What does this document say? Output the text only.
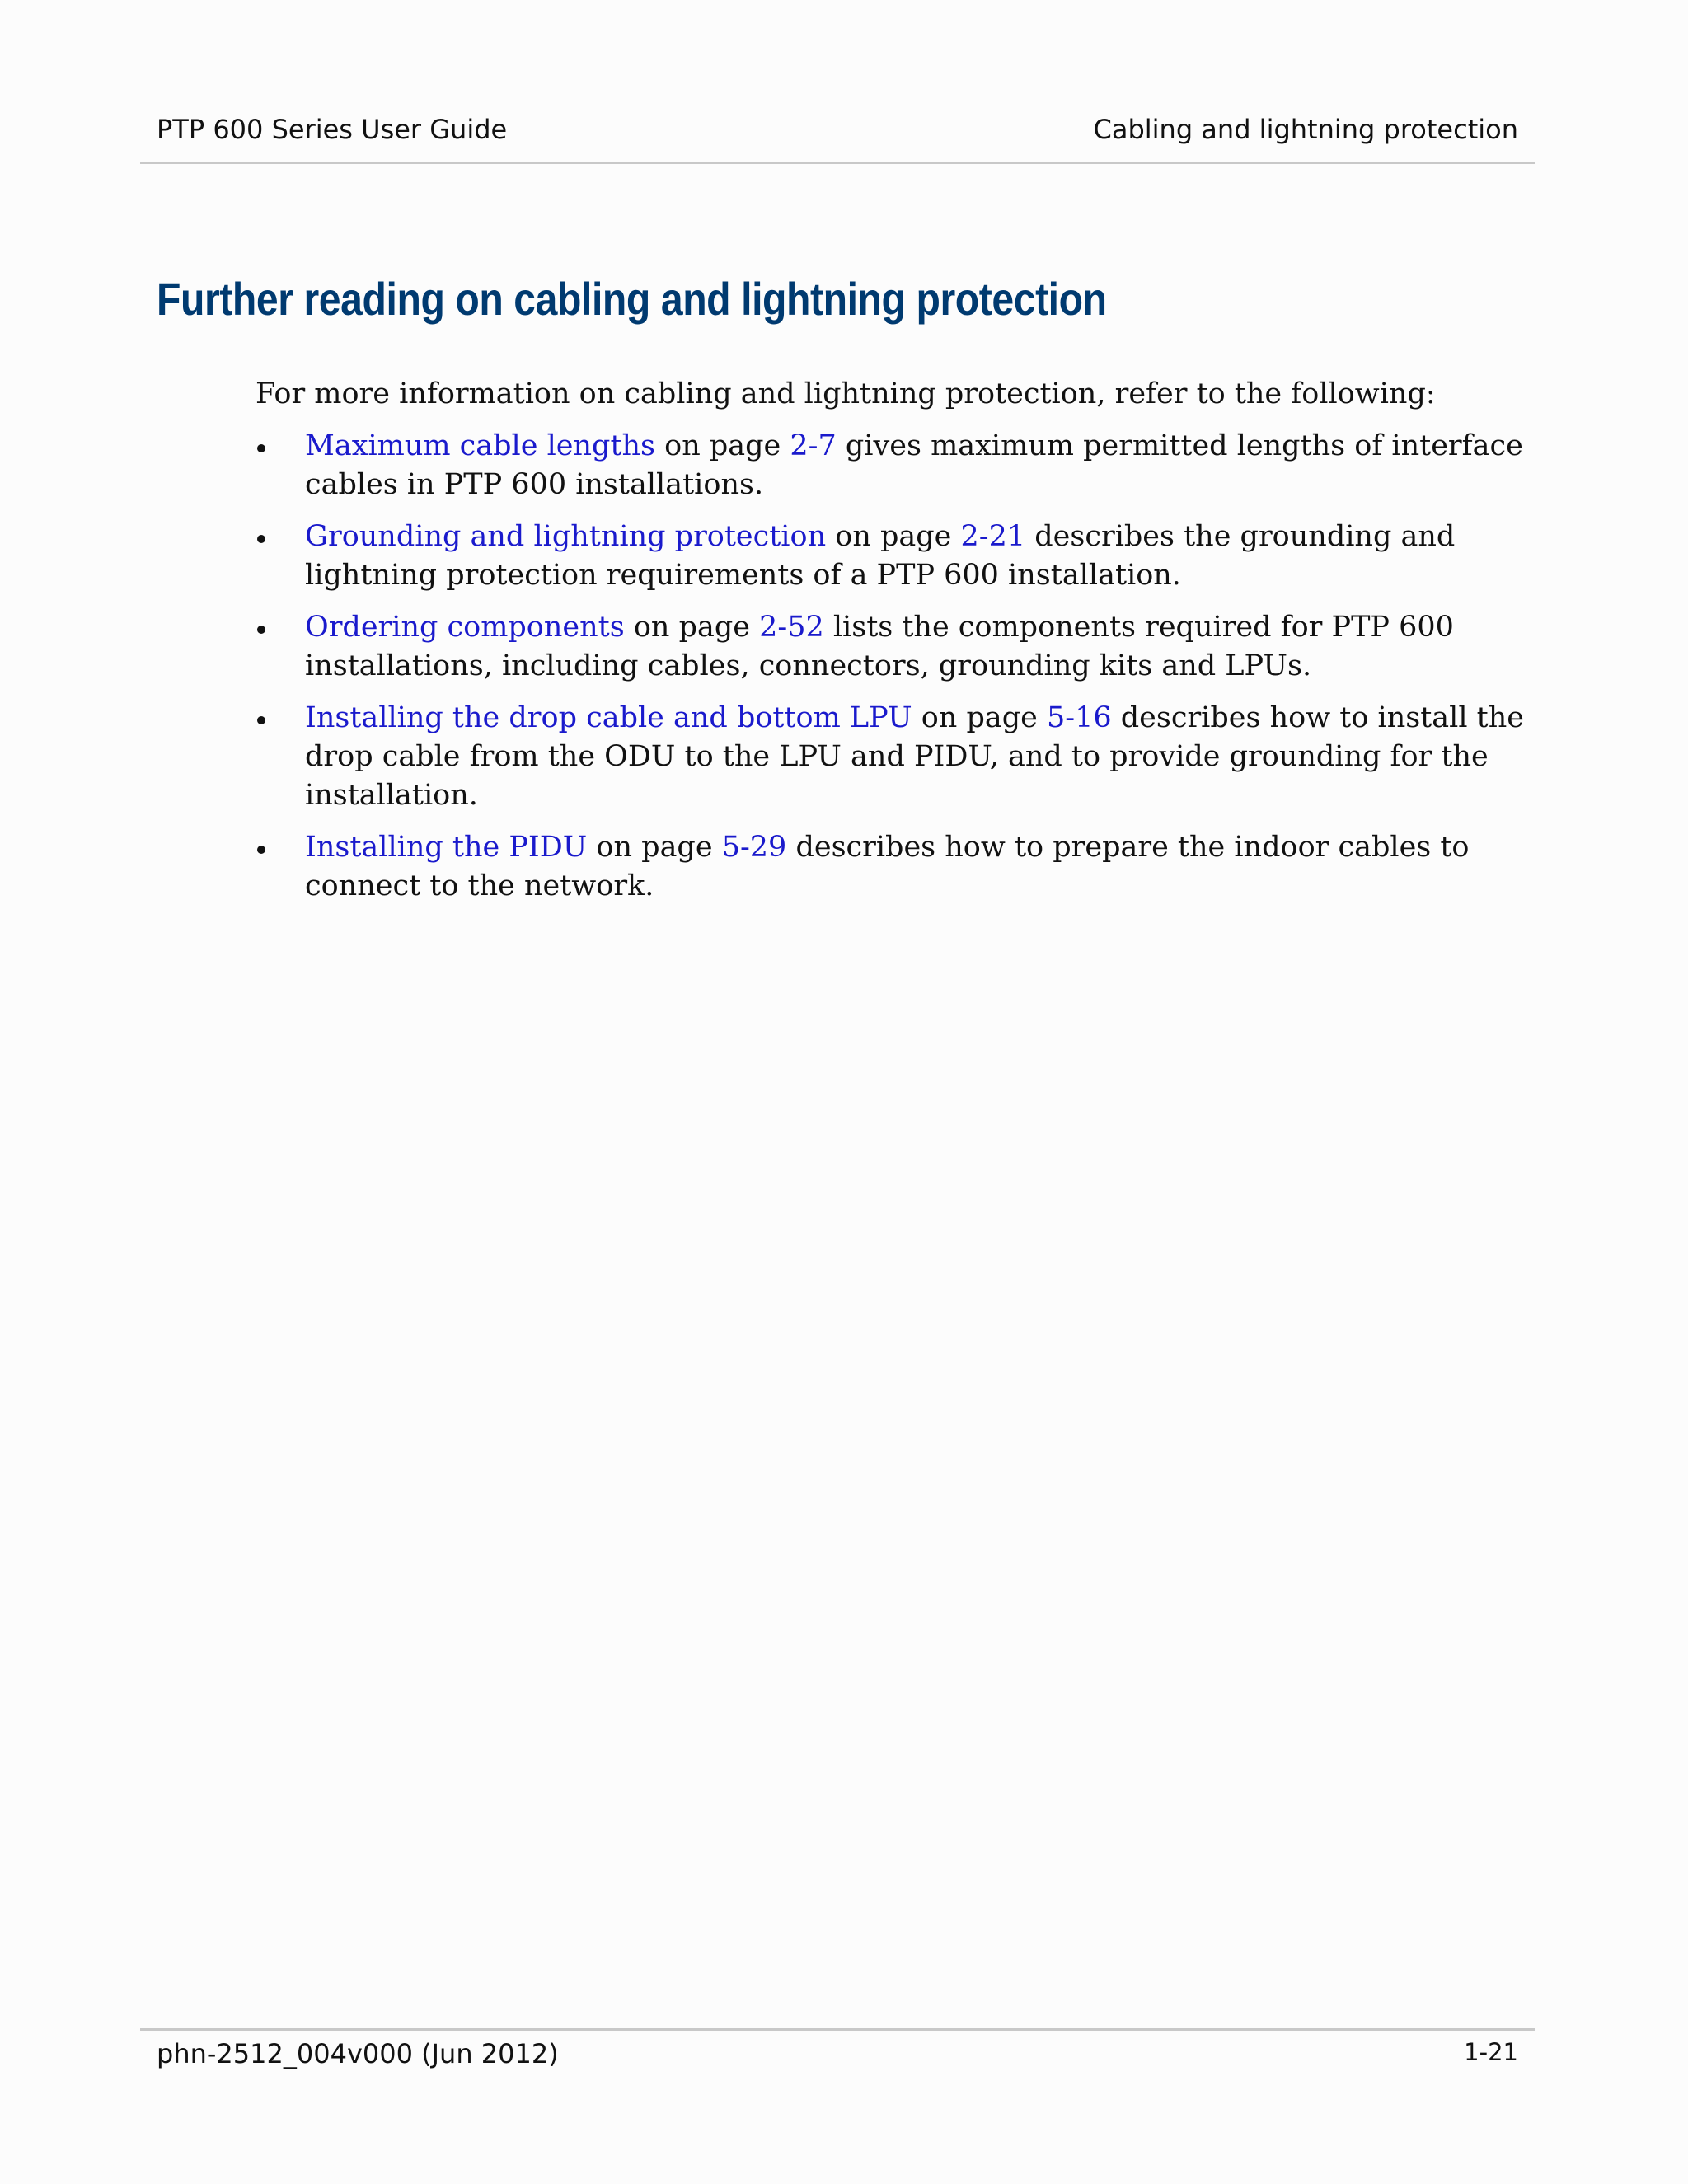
PTP 600 Series User Guide	Cabling and lightning protection
Further reading on cabling and lightning protection

For more information on cabling and lightning protection, refer to the following:

Maximum cable lengths on page 2-7 gives maximum permitted lengths of interface cables in PTP 600 installations.
Grounding and lightning protection on page 2-21 describes the grounding and lightning protection requirements of a PTP 600 installation.
Ordering components on page 2-52 lists the components required for PTP 600 installations, including cables, connectors, grounding kits and LPUs.
Installing the drop cable and bottom LPU on page 5-16 describes how to install the drop cable from the ODU to the LPU and PIDU, and to provide grounding for the installation.
Installing the PIDU on page 5-29 describes how to prepare the indoor cables to connect to the network.
phn-2512_004v000 (Jun 2012)	1-21
